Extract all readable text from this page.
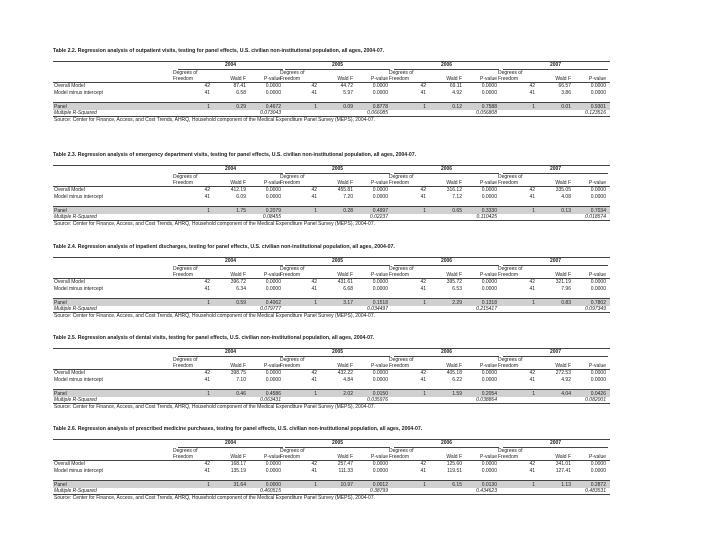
Table 2.2. Regression analysis of outpatient visits, testing for panel effects, U.S. civilian non-institutional population, all ages, 2004-07.
2004
Degrees of Freedom	Wald F	P-value
2005
Degrees of Freedom	Wald F	P-value
2006
Degrees of Freedom	Wald F	P-value
2007
Degrees of Freedom	Wald F	P-value
Overall Model	42	87.41	0.0000	42	44.72	0.0000	42	69.11	0.0000	42	66.57	0.0000
Model minus intercept	41	6.58	0.0000	41	5.97	0.0000	41	4.92	0.0000	41	3.86	0.0000
Panel	1	0.29	0.4672	1	0.09	0.8778	1	0.12	0.7588	1	0.01	0.9301
Multiple R-Squared	0.073043	0.066085	0.056808	0.123516
Source: Center for Finance, Access, and Cost Trends, AHRQ, Household component of the Medical Expenditure Panel Survey (MEPS), 2004-07.
Table 2.3. Regression analysis of emergency department visits, testing for panel effects, U.S. civilian non-institutional population, all ages, 2004-07.
2004
Degrees of Freedom	Wald F	P-value
2005
Degrees of Freedom	Wald F	P-value
2006
Degrees of Freedom	Wald F	P-value
2007
Degrees of Freedom	Wald F	P-value
Overall Model	42	412.19	0.0000	42	455.81	0.0000	42	316.12	0.0000	42	335.05	0.0000
Model minus intercept	41	6.09	0.0000	41	7.20	0.0000	41	7.12	0.0000	41	4.08	0.0000
Panel	1	1.75	0.2079	1	0.28	0.4997	1	0.65	0.3330	1	0.13	0.7034
Multiple R-Squared	0.08455	0.02237	0.110425	0.018574
Source: Center for Finance, Access, and Cost Trends, AHRQ, Household component of the Medical Expenditure Panel Survey (MEPS), 2004-07.
Table 2.4. Regression analysis of inpatient discharges, testing for panel effects, U.S. civilian non-institutional population, all ages, 2004-07.
2004
Degrees of Freedom	Wald F	P-value
2005
Degrees of Freedom	Wald F	P-value
2006
Degrees of Freedom	Wald F	P-value
2007
Degrees of Freedom	Wald F	P-value
Overall Model	42	396.72	0.0000	42	431.61	0.0000	42	395.72	0.0000	42	321.19	0.0000
Model minus intercept	41	6.34	0.0000	41	6.68	0.0000	41	6.53	0.0000	41	7.96	0.0000
Panel	1	0.59	0.4062	1	3.17	0.1518	1	2.29	0.1318	1	0.83	0.7802
Multiple R-Squared	0.079777	0.034497	0.215417	0.097349
Source: Center for Finance, Access, and Cost Trends, AHRQ, Household component of the Medical Expenditure Panel Survey (MEPS), 2004-07.
Table 2.5. Regression analysis of dental visits, testing for panel effects, U.S. civilian non-institutional population, all ages, 2004-07.
2004
Degrees of Freedom	Wald F	P-value
2005
Degrees of Freedom	Wald F	P-value
2006
Degrees of Freedom	Wald F	P-value
2007
Degrees of Freedom	Wald F	P-value
Overall Model	42	398.75	0.0000	42	432.22	0.0000	42	405.18	0.0000	42	272.53	0.0000
Model minus intercept	41	7.10	0.0000	41	4.84	0.0000	41	6.22	0.0000	41	4.92	0.0000
Panel	1	0.46	0.4586	1	2.02	0.0150	1	1.59	0.2054	1	4.04	0.0426
Multiple R-Squared	0.063431	0.035976	0.038864	0.082001
Source: Center for Finance, Access, and Cost Trends, AHRQ, Household component of the Medical Expenditure Panel Survey (MEPS), 2004-07.
Table 2.6. Regression analysis of prescribed medicine purchases, testing for panel effects, U.S. civilian non-institutional population, all ages, 2004-07.
2004
Degrees of Freedom	Wald F	P-value
2005
Degrees of Freedom	Wald F	P-value
2006
Degrees of Freedom	Wald F	P-value
2007
Degrees of Freedom	Wald F	P-value
Overall Model	42	168.17	0.0000	42	257.47	0.0000	42	125.60	0.0000	42	341.01	0.0000
Model minus intercept	41	135.19	0.0000	41	111.33	0.0000	41	119.51	0.0000	41	127.41	0.0000
Panel	1	31.64	0.0000	1	10.97	0.0012	1	6.15	0.0130	1	1.13	0.2872
Multiple R-Squared	0.460515	0.38799	0.434623	0.483531
Source: Center for Finance, Access, and Cost Trends, AHRQ, Household component of the Medical Expenditure Panel Survey (MEPS), 2004-07.
